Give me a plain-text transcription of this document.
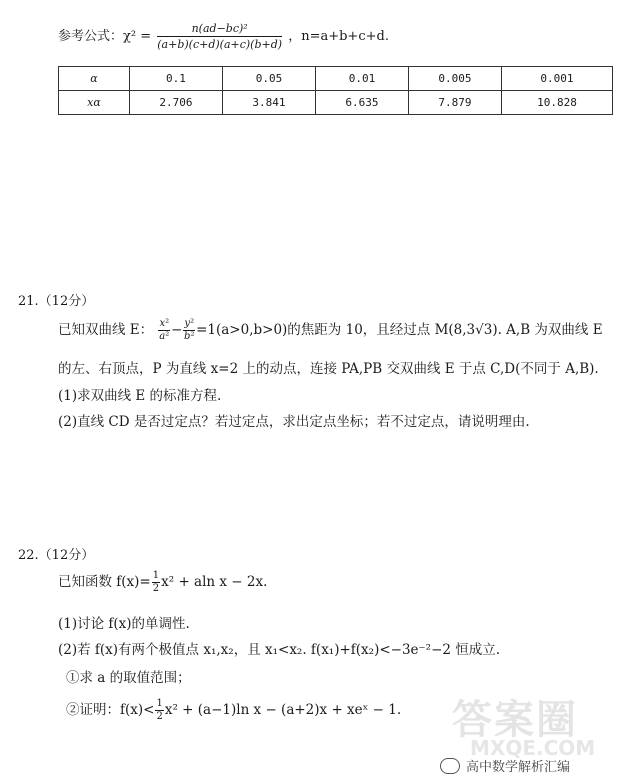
参考公式：$\chi^2 = \frac{\text{n(ad−bc)²}}{(a+b)(c+d)(a+c)(b+d)}$ ，n=a+b+c+d.
α	0.1	0.05	0.01	0.005	0.001
xα	2.706	3.841	6.635	7.879	10.828
21.（12分）
已知双曲线 E： $\frac{\text{x²}}{\text{a²}} - \frac{\text{y²}}{\text{b²}} =1(a>0,b>0)$的焦距为 10，且经过点 M(8,3√3). A,B 为双曲线 E
的左、右顶点，P 为直线 x=2 上的动点，连接 PA,PB 交双曲线 E 于点 C,D(不同于 A,B).
(1)求双曲线 E 的标准方程.
(2)直线 CD 是否过定点？若过定点，求出定点坐标；若不过定点，请说明理由.
22.（12分）
已知函数 $f(x)= \frac{1}{2} x^2 + aln$ x − 2x.
(1)讨论 f(x)的单调性.
(2)若 f(x)有两个极值点 x₁,x₂，且 x₁<x₂. f(x₁)+f(x₂)<−3e⁻²−2 恒成立.
①求 a 的取值范围；
②证明：$f(x)< \frac{1}{2} x^2 + (a-1)\ln$ x − (a+2)x + xeˣ − 1. 答案圈
MXQE.COM
高中数学解析汇编
